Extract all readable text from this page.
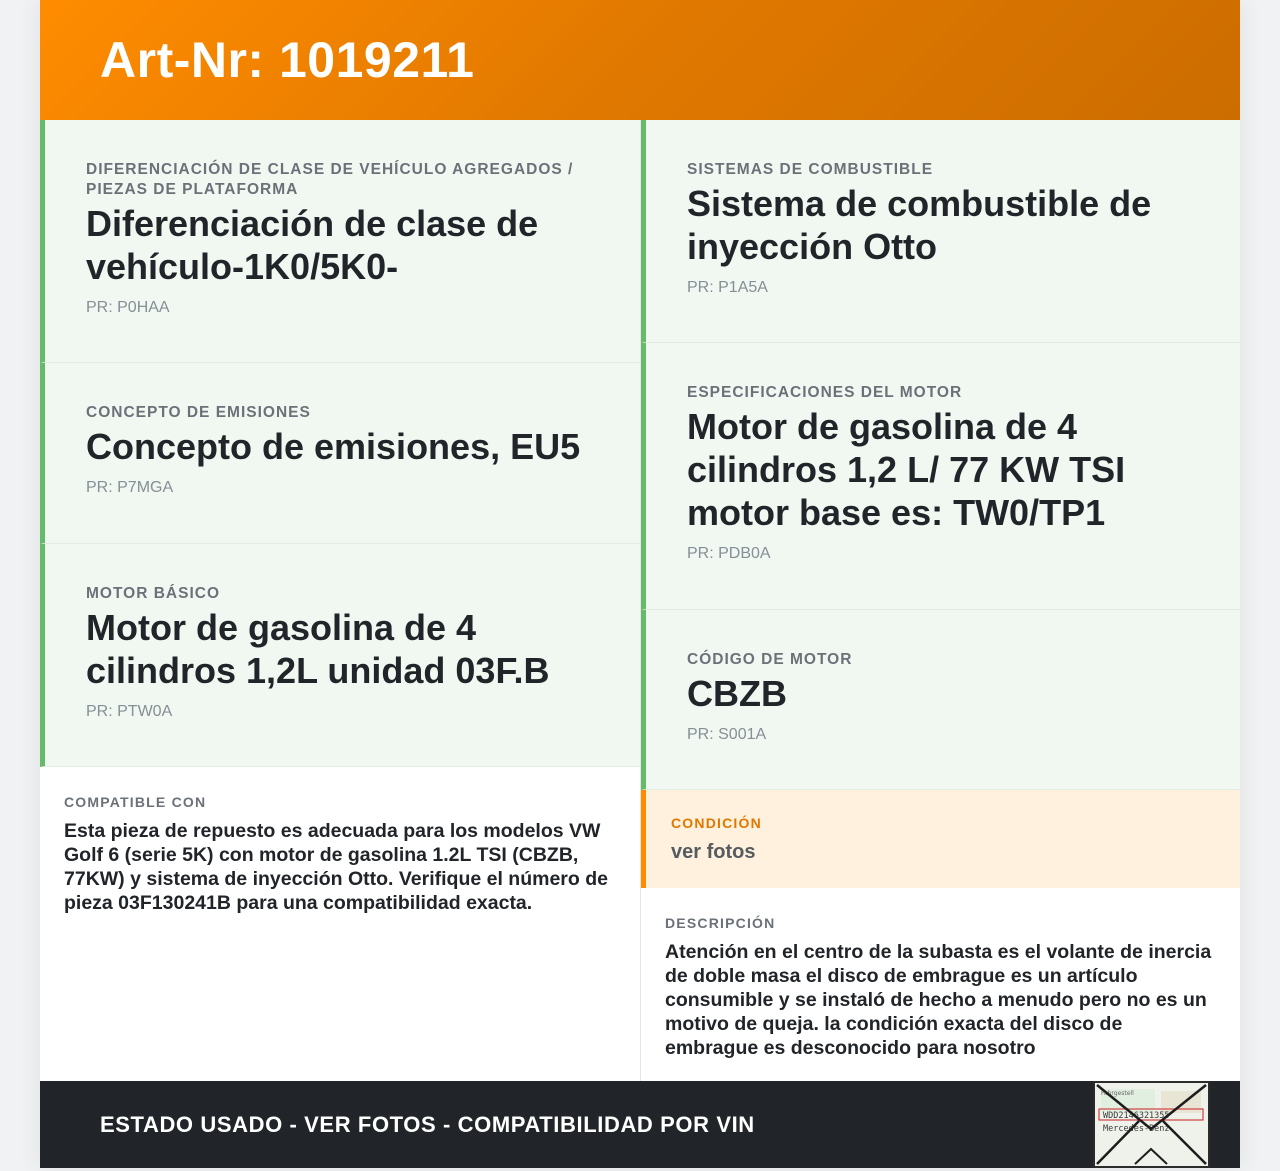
Art-Nr: 1019211
DIFERENCIACIÓN DE CLASE DE VEHÍCULO AGREGADOS / PIEZAS DE PLATAFORMA
Diferenciación de clase de vehículo-1K0/5K0-
PR: P0HAA
CONCEPTO DE EMISIONES
Concepto de emisiones, EU5
PR: P7MGA
MOTOR BÁSICO
Motor de gasolina de 4 cilindros 1,2L unidad 03F.B
PR: PTW0A
COMPATIBLE CON
Esta pieza de repuesto es adecuada para los modelos VW Golf 6 (serie 5K) con motor de gasolina 1.2L TSI (CBZB, 77KW) y sistema de inyección Otto. Verifique el número de pieza 03F130241B para una compatibilidad exacta.
SISTEMAS DE COMBUSTIBLE
Sistema de combustible de inyección Otto
PR: P1A5A
ESPECIFICACIONES DEL MOTOR
Motor de gasolina de 4 cilindros 1,2 L/ 77 KW TSI motor base es: TW0/TP1
PR: PDB0A
CÓDIGO DE MOTOR
CBZB
PR: S001A
CONDICIÓN
ver fotos
DESCRIPCIÓN
Atención en el centro de la subasta es el volante de inercia de doble masa el disco de embrague es un artículo consumible y se instaló de hecho a menudo pero no es un motivo de queja. la condición exacta del disco de embrague es desconocido para nosotro
ESTADO USADO - VER FOTOS - COMPATIBILIDAD POR VIN
Fahrgestell
WDD2146321355
Mercedes-Benz
